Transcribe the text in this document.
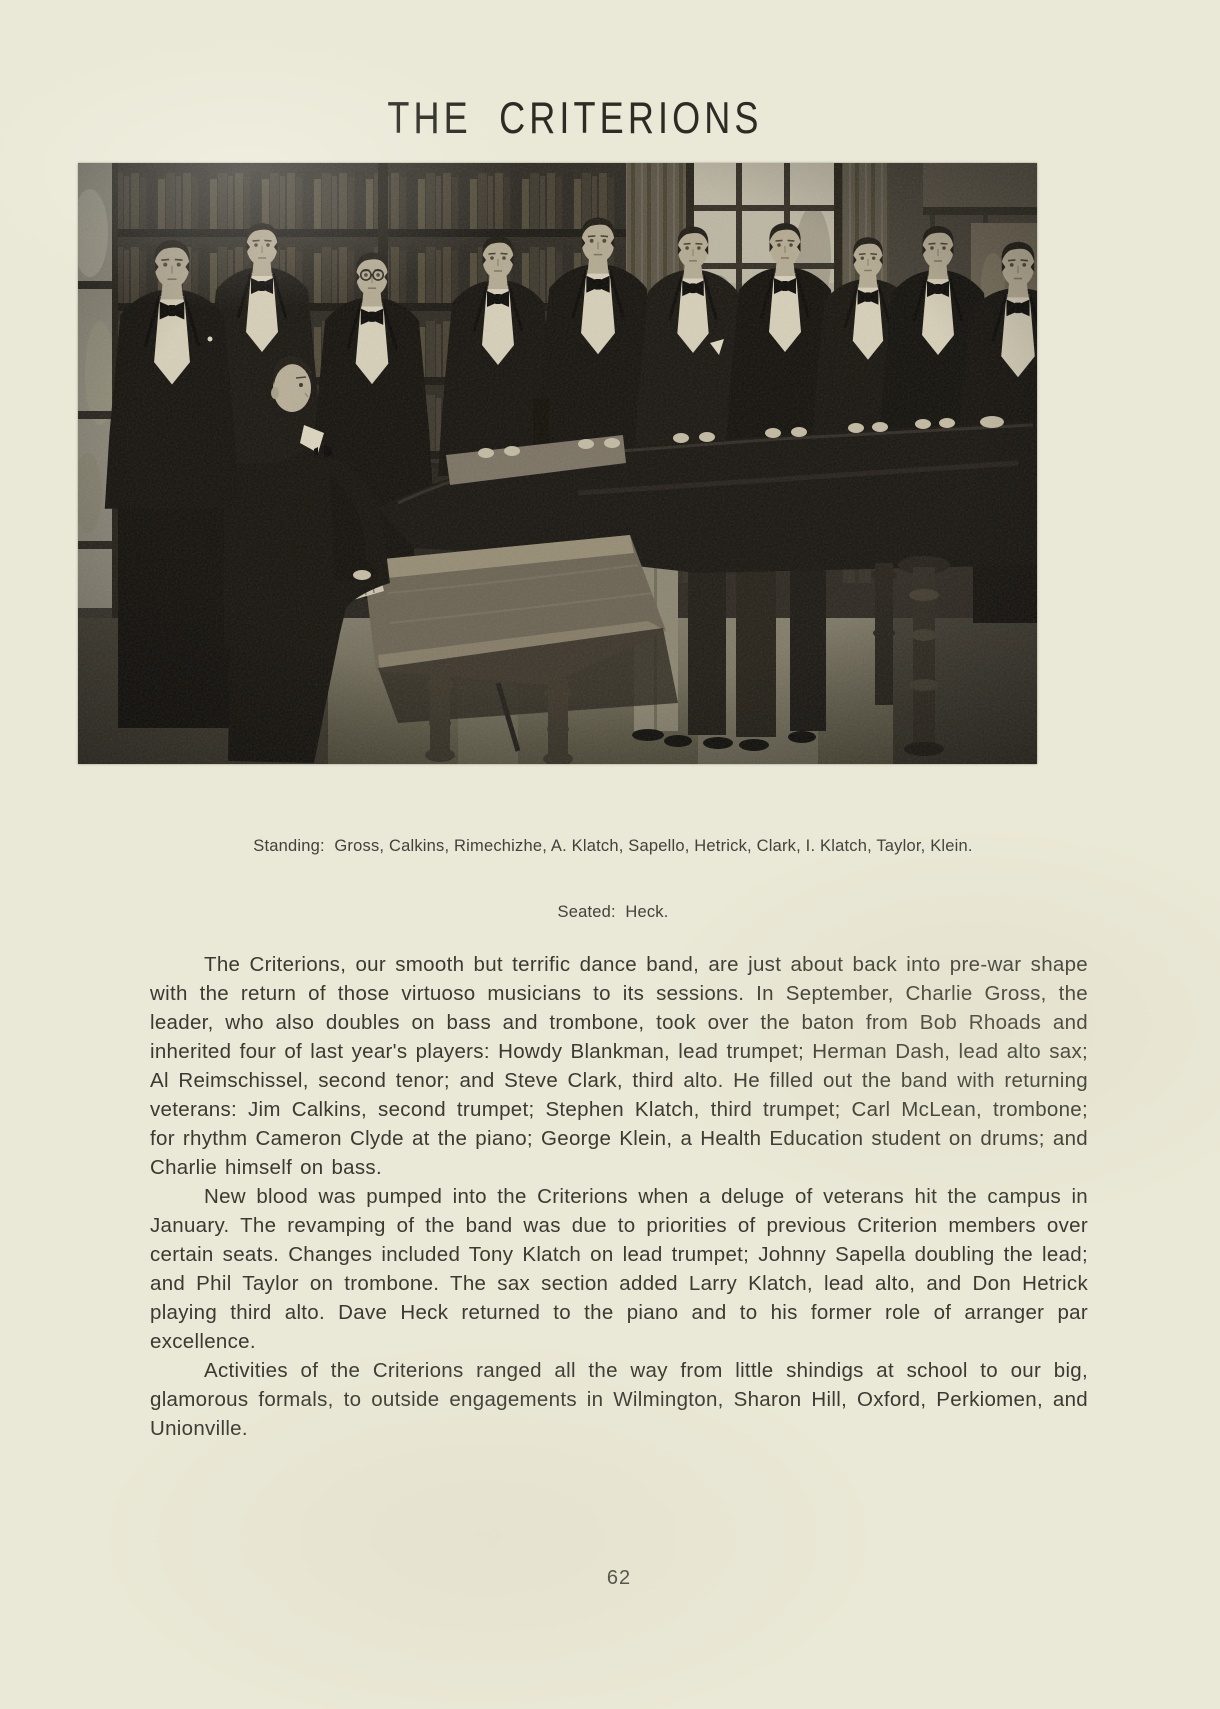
THE CRITERIONS

Standing:  Gross, Calkins, Rimechizhe, A. Klatch, Sapello, Hetrick, Clark, I. Klatch, Taylor, Klein.

Seated:  Heck.

The Criterions, our smooth but terrific dance band, are just about back into pre-war shape with the return of those virtuoso musicians to its sessions. In September, Charlie Gross, the leader, who also doubles on bass and trombone, took over the baton from Bob Rhoads and inherited four of last year's players: Howdy Blankman, lead trumpet; Herman Dash, lead alto sax; Al Reimschissel, second tenor; and Steve Clark, third alto. He filled out the band with returning veterans: Jim Calkins, second trumpet; Stephen Klatch, third trumpet; Carl McLean, trombone; for rhythm Cameron Clyde at the piano; George Klein, a Health Education student on drums; and Charlie himself on bass.

New blood was pumped into the Criterions when a deluge of veterans hit the campus in January. The revamping of the band was due to priorities of previous Criterion members over certain seats. Changes included Tony Klatch on lead trumpet; Johnny Sapella doubling the lead; and Phil Taylor on trombone. The sax section added Larry Klatch, lead alto, and Don Hetrick playing third alto. Dave Heck returned to the piano and to his former role of arranger par excellence.

Activities of the Criterions ranged all the way from little shindigs at school to our big, glamorous formals, to outside engagements in Wilmington, Sharon Hill, Oxford, Perkiomen, and Unionville.

62
